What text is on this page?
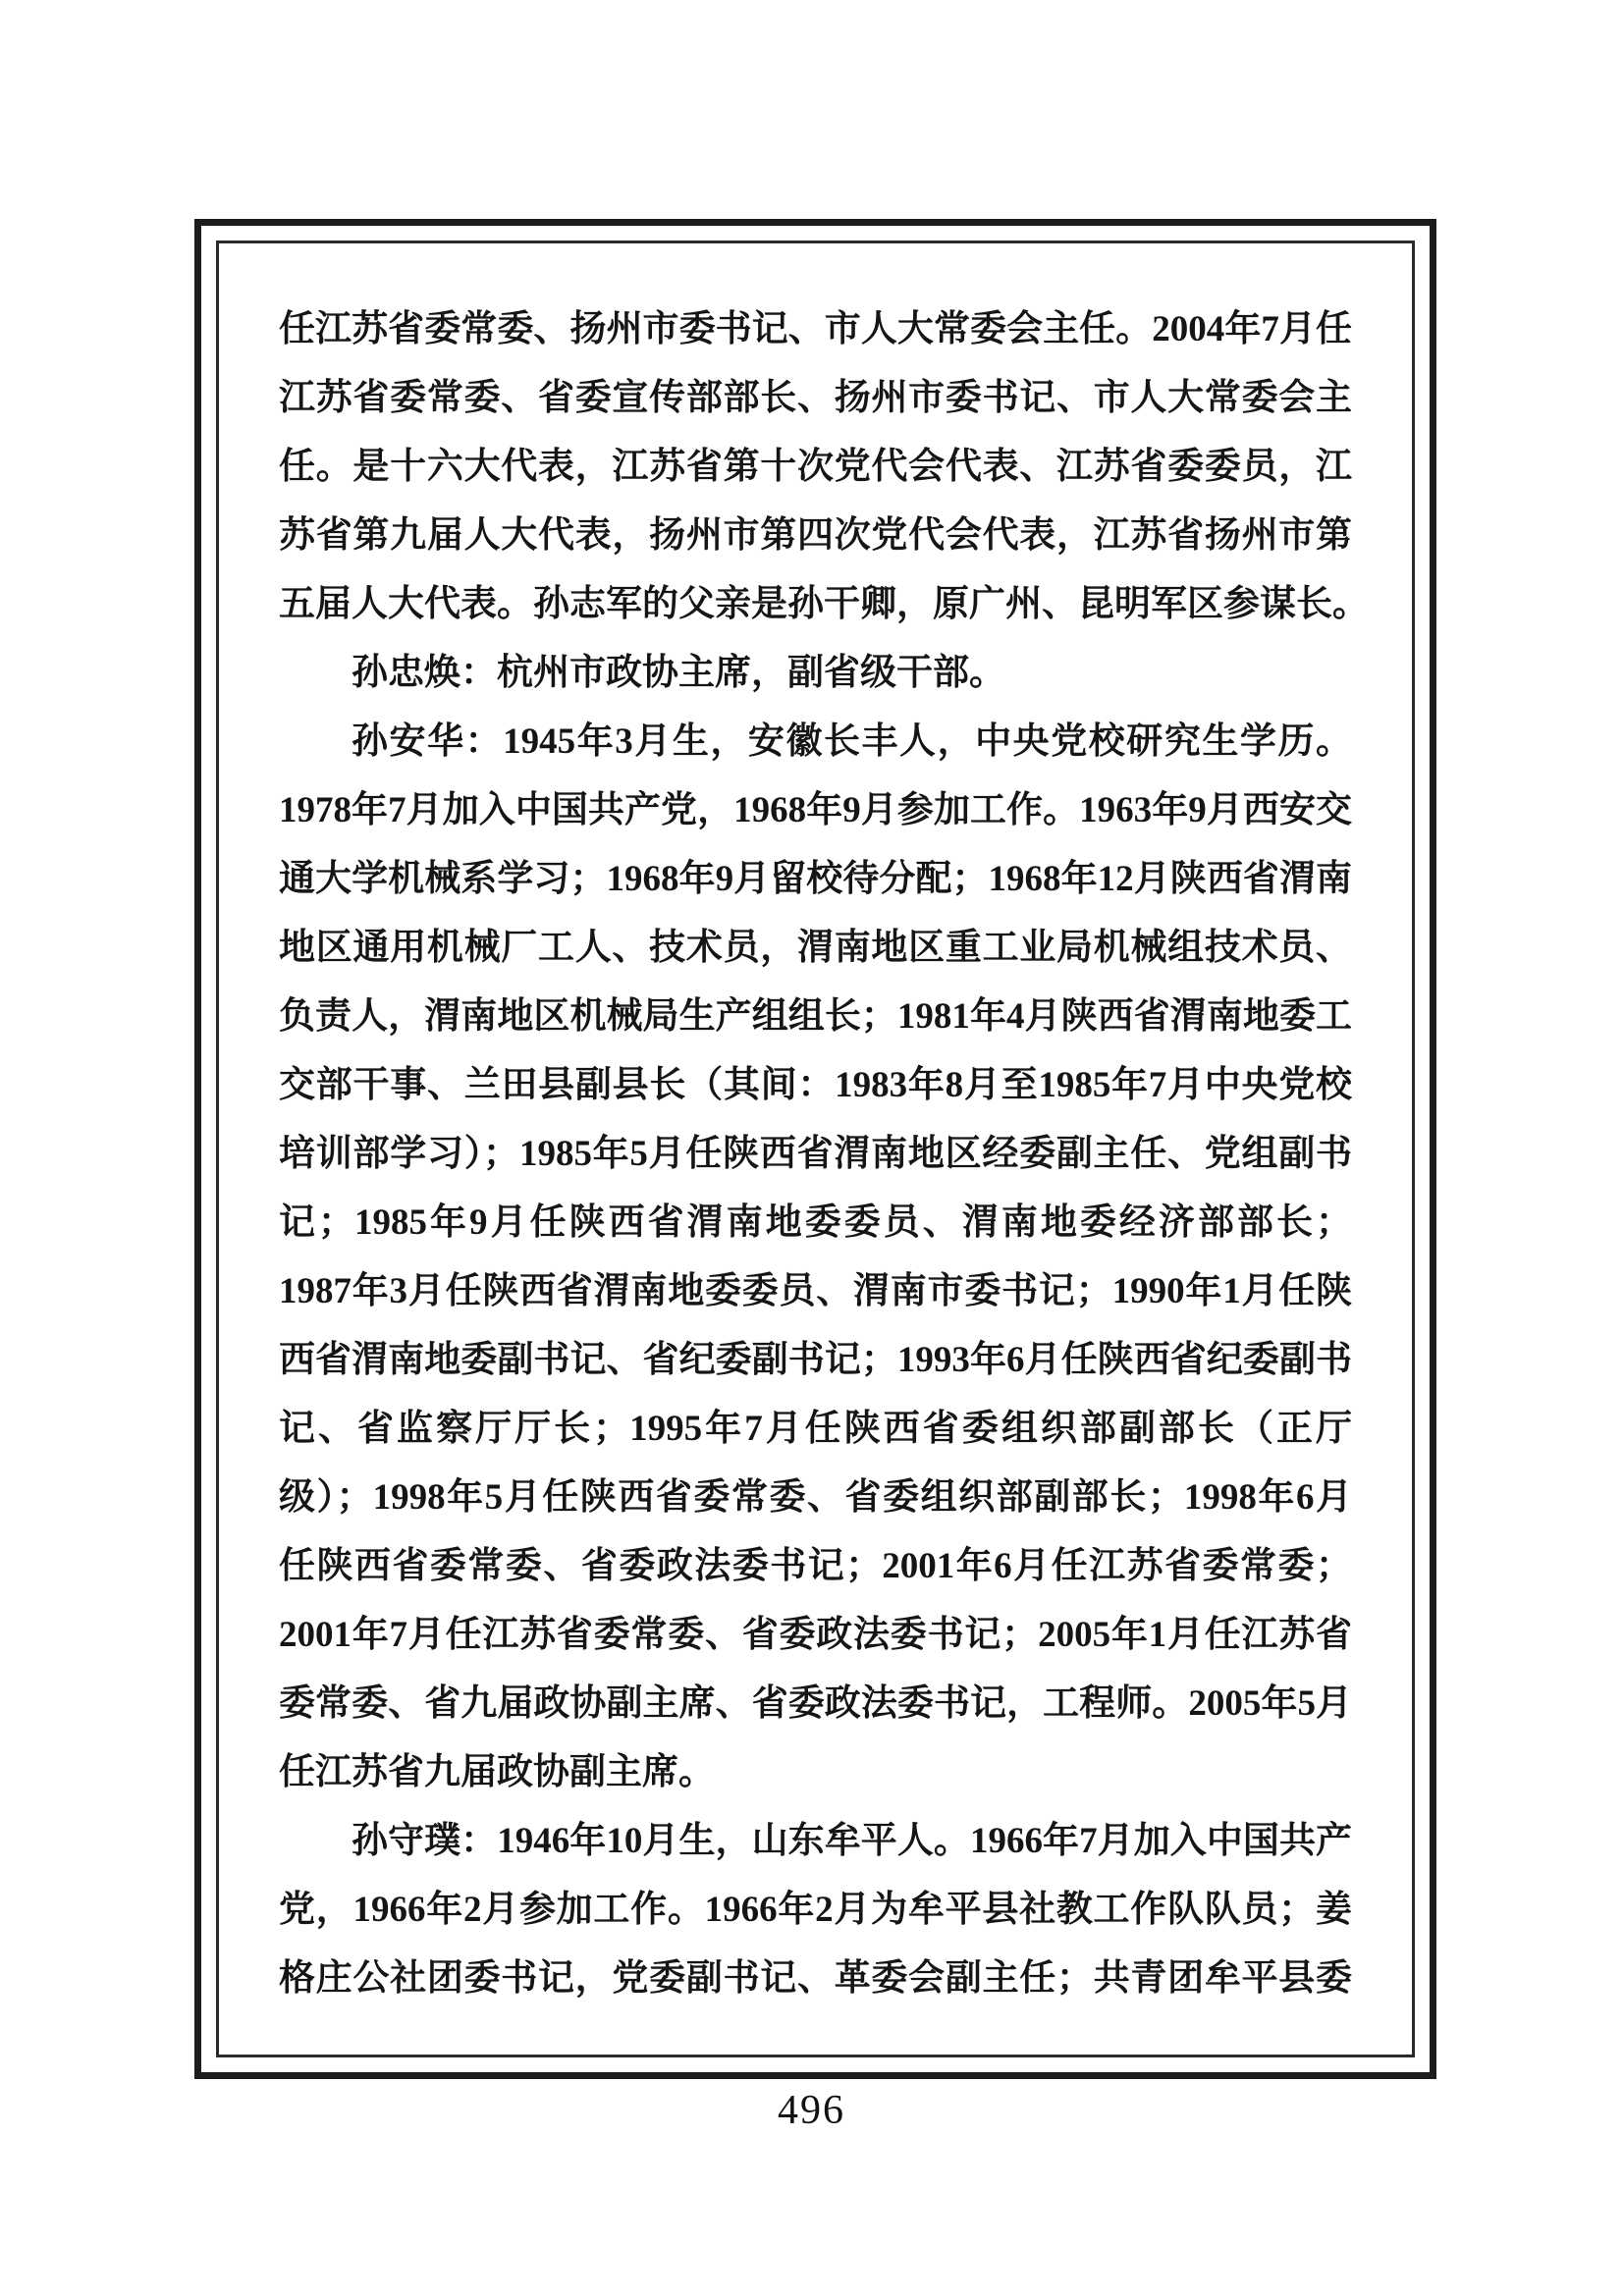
任江苏省委常委、扬州市委书记、市人大常委会主任。2004年7月任
江苏省委常委、省委宣传部部长、扬州市委书记、市人大常委会主
任。是十六大代表，江苏省第十次党代会代表、江苏省委委员，江
苏省第九届人大代表，扬州市第四次党代会代表，江苏省扬州市第
五届人大代表。孙志军的父亲是孙干卿，原广州、昆明军区参谋长。
孙忠焕：杭州市政协主席，副省级干部。
孙安华：1945年3月生，安徽长丰人，中央党校研究生学历。
1978年7月加入中国共产党，1968年9月参加工作。1963年9月西安交
通大学机械系学习；1968年9月留校待分配；1968年12月陕西省渭南
地区通用机械厂工人、技术员，渭南地区重工业局机械组技术员、
负责人，渭南地区机械局生产组组长；1981年4月陕西省渭南地委工
交部干事、兰田县副县长（其间：1983年8月至1985年7月中央党校
培训部学习）；1985年5月任陕西省渭南地区经委副主任、党组副书
记；1985年9月任陕西省渭南地委委员、渭南地委经济部部长；
1987年3月任陕西省渭南地委委员、渭南市委书记；1990年1月任陕
西省渭南地委副书记、省纪委副书记；1993年6月任陕西省纪委副书
记、省监察厅厅长；1995年7月任陕西省委组织部副部长（正厅
级）；1998年5月任陕西省委常委、省委组织部副部长；1998年6月
任陕西省委常委、省委政法委书记；2001年6月任江苏省委常委；
2001年7月任江苏省委常委、省委政法委书记；2005年1月任江苏省
委常委、省九届政协副主席、省委政法委书记，工程师。2005年5月
任江苏省九届政协副主席。
孙守璞：1946年10月生，山东牟平人。1966年7月加入中国共产
党，1966年2月参加工作。1966年2月为牟平县社教工作队队员；姜
格庄公社团委书记，党委副书记、革委会副主任；共青团牟平县委
496
